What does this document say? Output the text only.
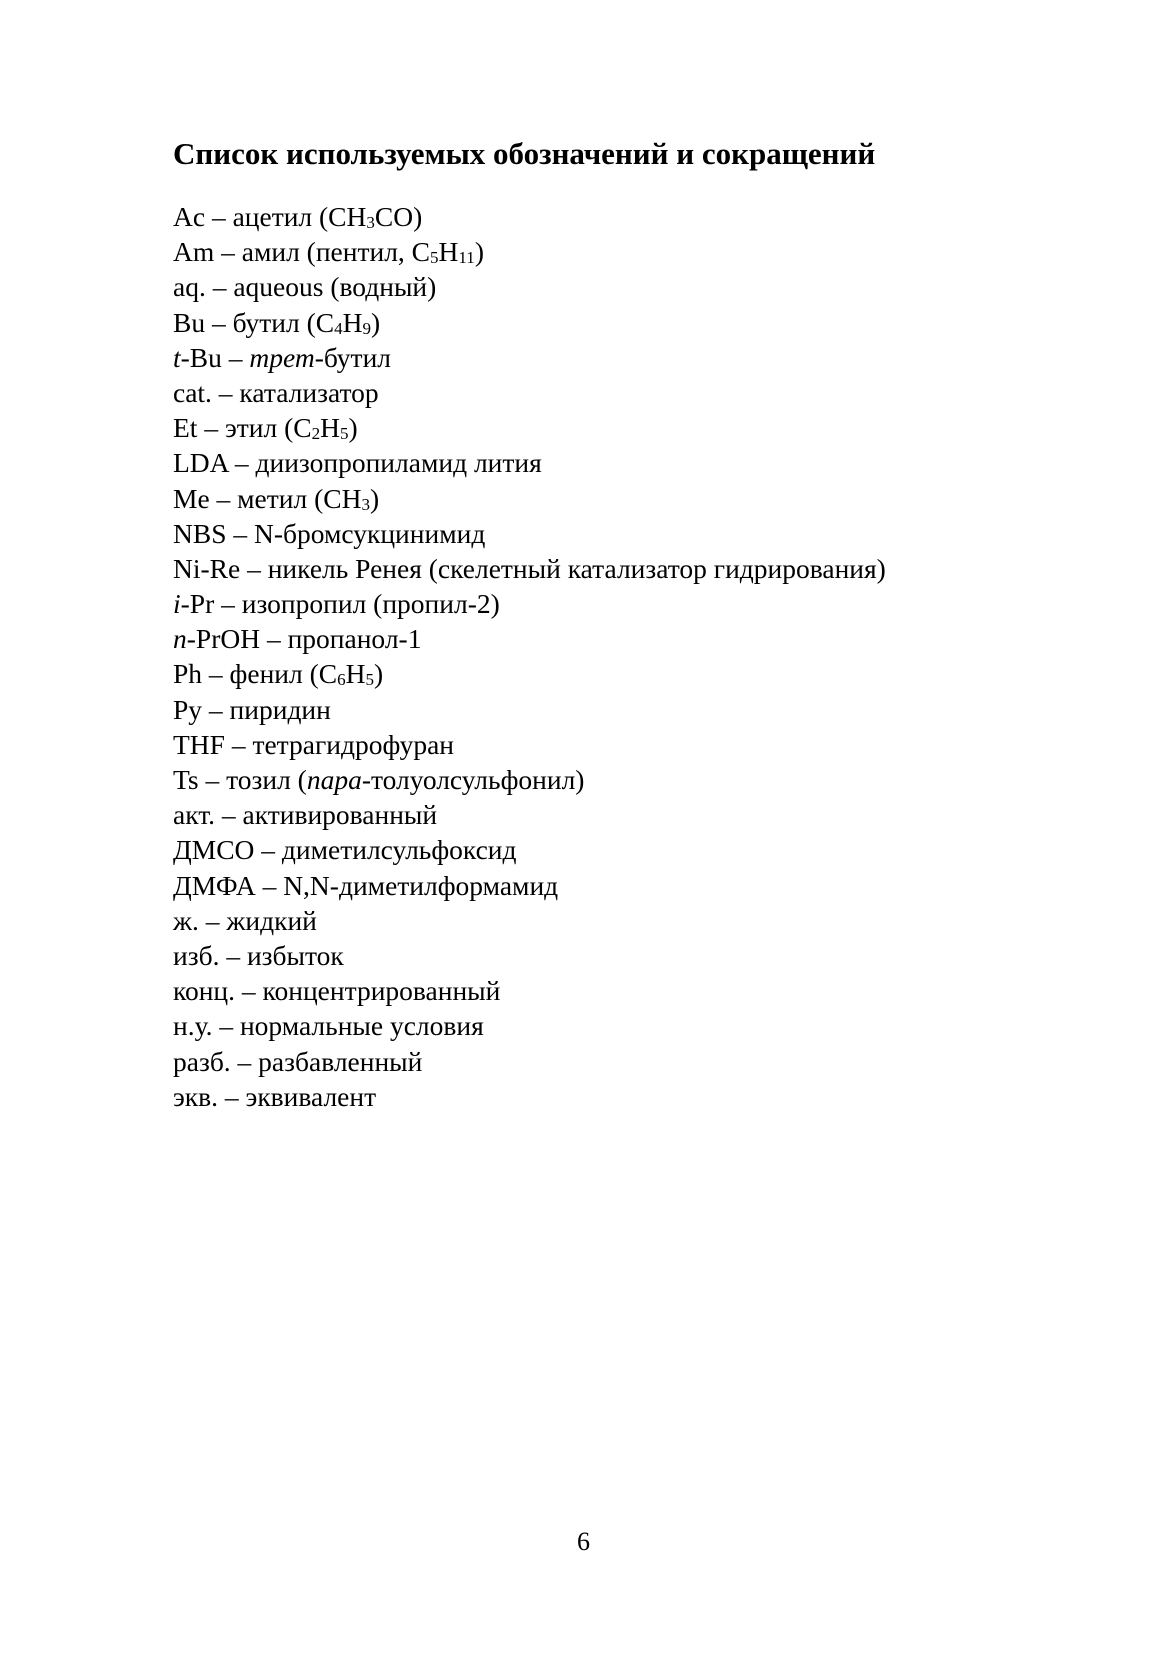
Список используемых обозначений и сокращений
Ac – ацетил $(CH_3CO)$
Am – амил (пентил, $C_5H_{11}$)
aq. – aqueous (водный)
Bu – бутил $(C_4H_9)$
t-Bu – трет-бутил
cat. – катализатор
Et – этил $(C_2H_5)$
LDA – диизопропиламид лития
Me – метил $(CH_3)$
NBS – N-бромсукцинимид
Ni-Re – никель Ренея (скелетный катализатор гидрирования)
i-Pr – изопропил (пропил-2)
n-PrOH – пропанол-1
Ph – фенил $(C_6H_5)$
Py – пиридин
THF – тетрагидрофуран
Ts – тозил (пара-толуолсульфонил)
акт. – активированный
ДМСО – диметилсульфоксид
ДМФА – N,N-диметилформамид
ж. – жидкий
изб. – избыток
конц. – концентрированный
н.у. – нормальные условия
разб. – разбавленный
экв. – эквивалент
6
